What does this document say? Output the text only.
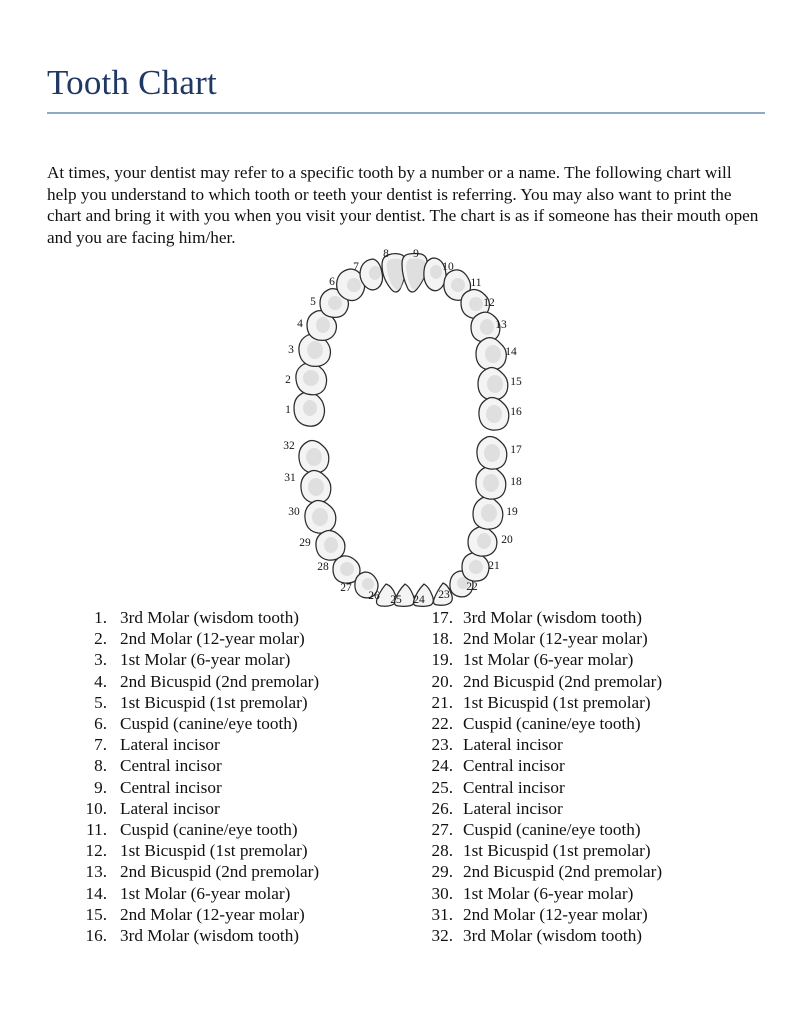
Tooth Chart

At times, your dentist may refer to a specific tooth by a number or a name. The following chart will help you understand to which tooth or teeth your dentist is referring. You may also want to print the chart and bring it with you when you visit your dentist. The chart is as if someone has their mouth open and you are facing him/her.

1
2
3
4
5
6
7
8 9
10
11
12
13
14
15
16
32
31
30
29
28
27
26 25 24 23
22
21
20
19
18
17
1. 3rd Molar (wisdom tooth)
2. 2nd Molar (12-year molar)
3. 1st Molar (6-year molar)
4. 2nd Bicuspid (2nd premolar)
5. 1st Bicuspid (1st premolar)
6. Cuspid (canine/eye tooth)
7. Lateral incisor
8. Central incisor
9. Central incisor
10. Lateral incisor
11. Cuspid (canine/eye tooth)
12. 1st Bicuspid (1st premolar)
13. 2nd Bicuspid (2nd premolar)
14. 1st Molar (6-year molar)
15. 2nd Molar (12-year molar)
16. 3rd Molar (wisdom tooth)
17. 3rd Molar (wisdom tooth)
18. 2nd Molar (12-year molar)
19. 1st Molar (6-year molar)
20. 2nd Bicuspid (2nd premolar)
21. 1st Bicuspid (1st premolar)
22. Cuspid (canine/eye tooth)
23. Lateral incisor
24. Central incisor
25. Central incisor
26. Lateral incisor
27. Cuspid (canine/eye tooth)
28. 1st Bicuspid (1st premolar)
29. 2nd Bicuspid (2nd premolar)
30. 1st Molar (6-year molar)
31. 2nd Molar (12-year molar)
32. 3rd Molar (wisdom tooth)
